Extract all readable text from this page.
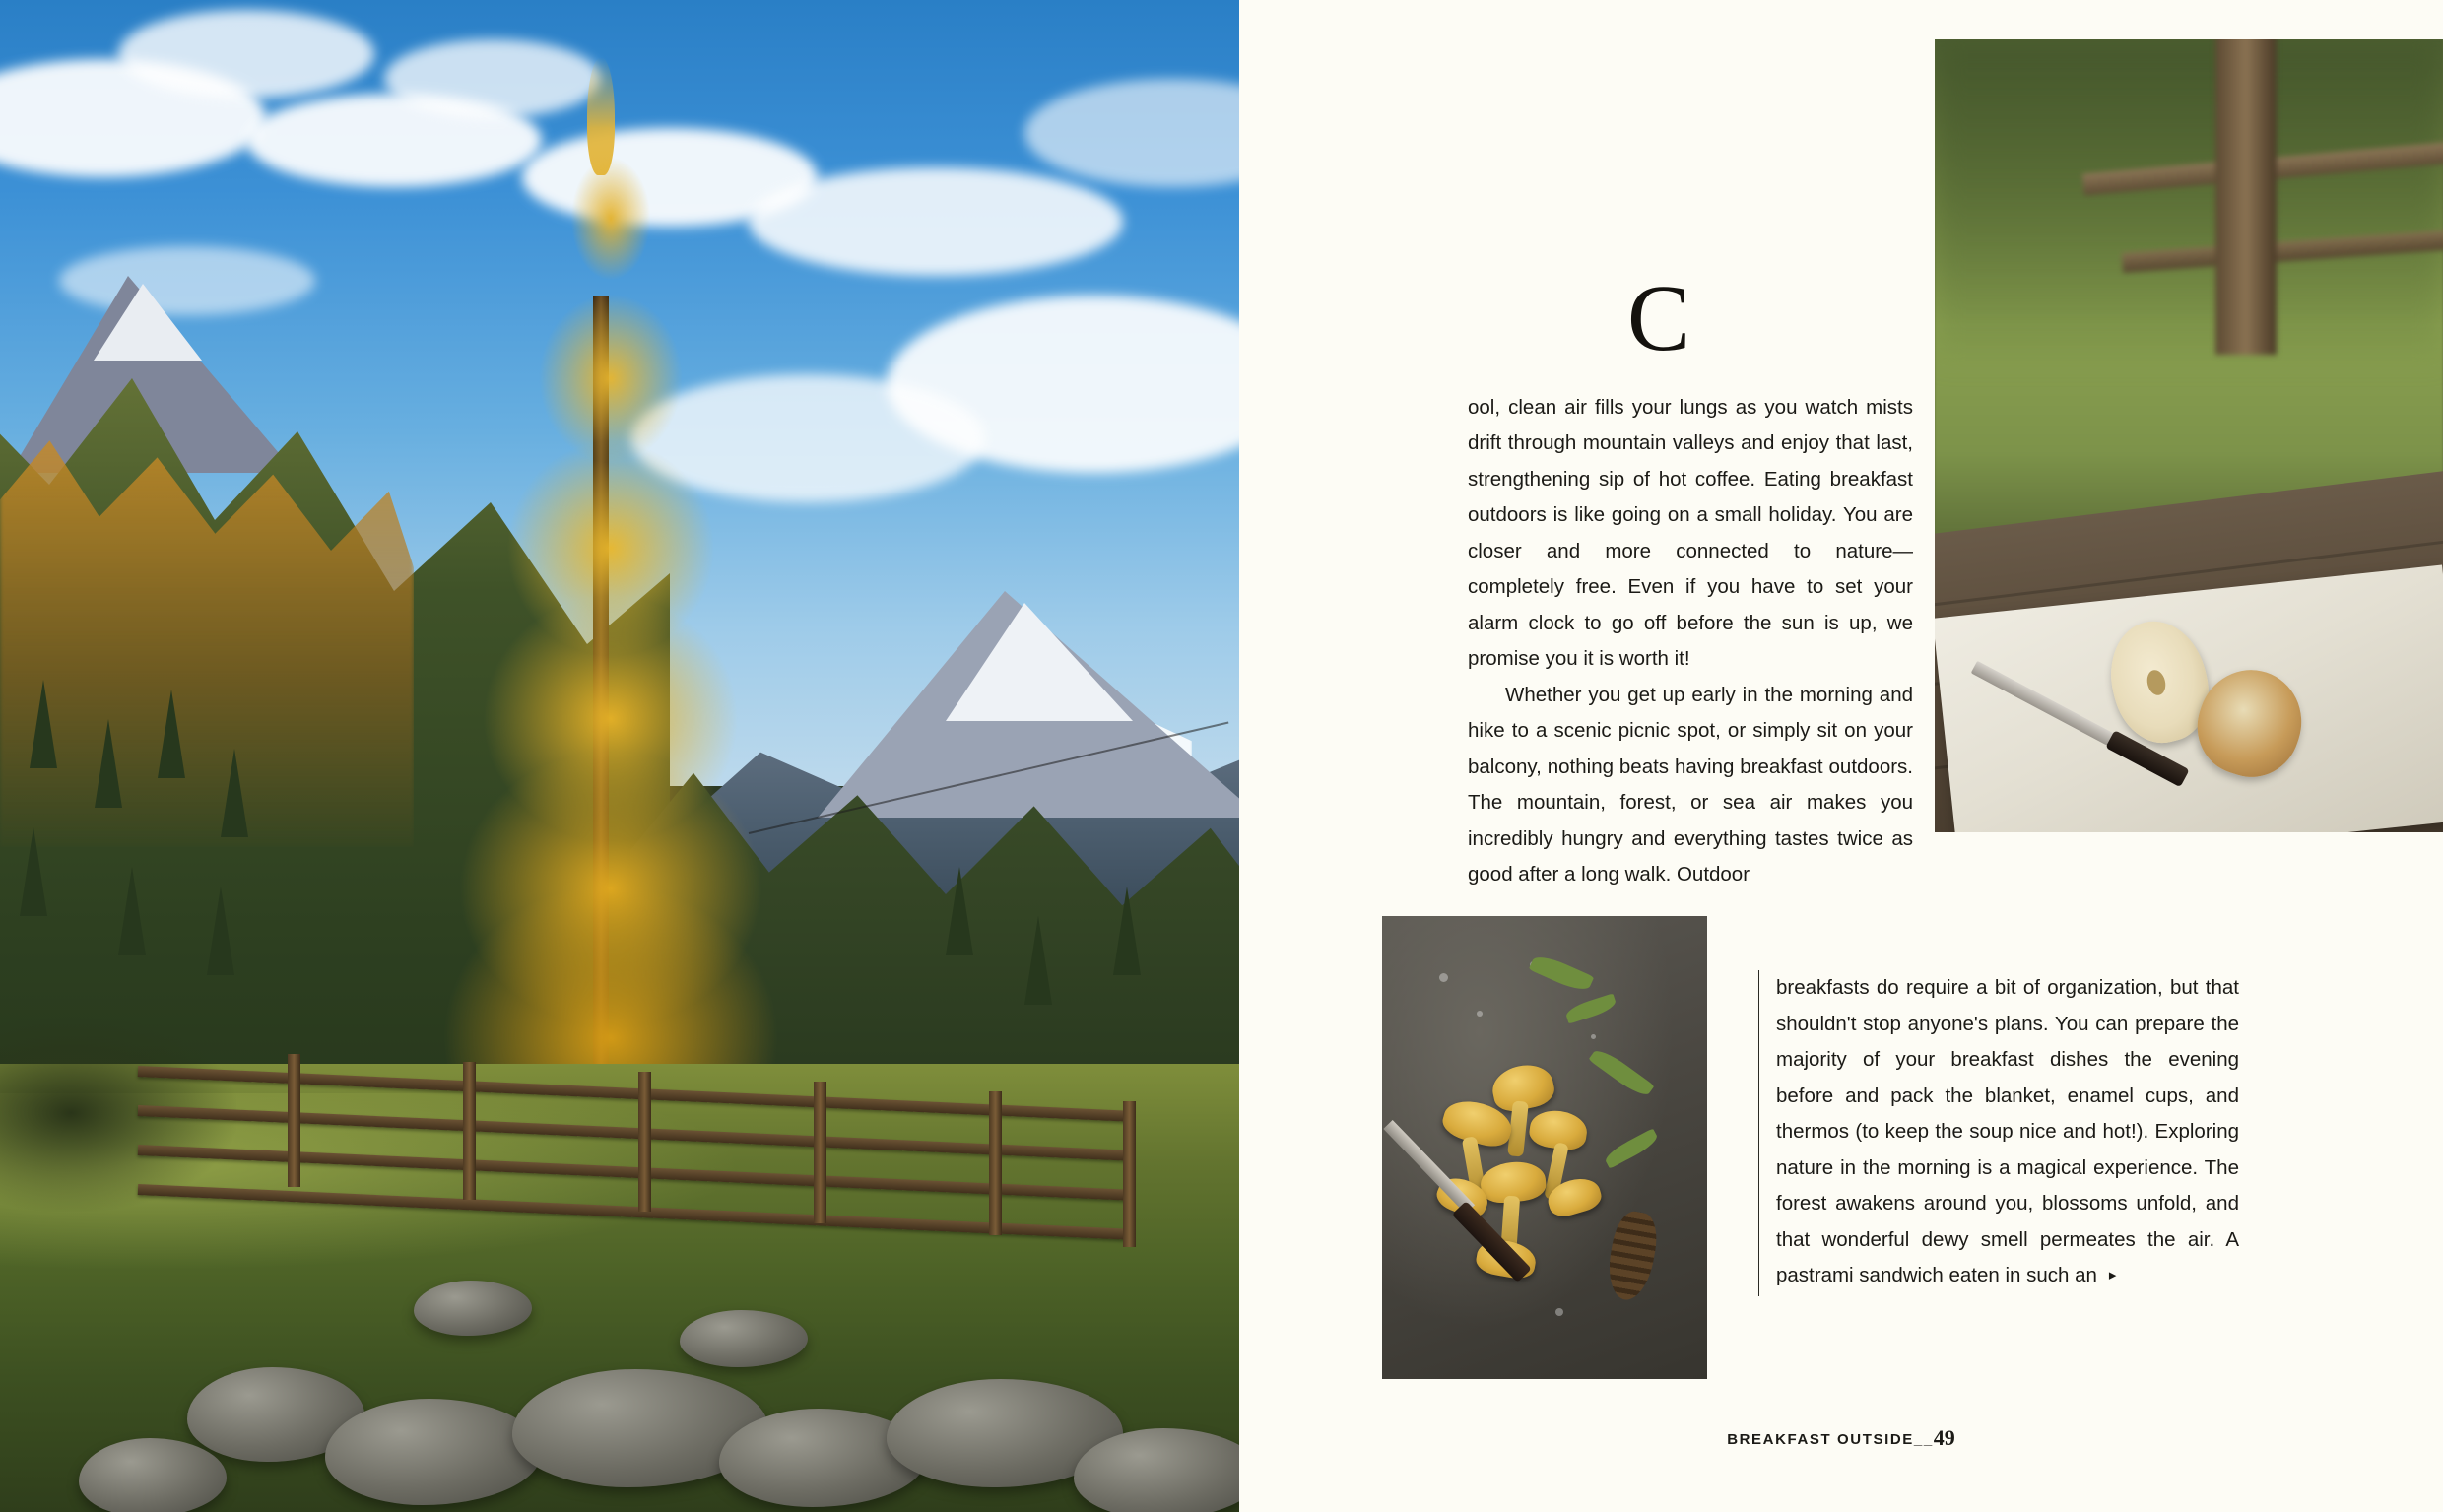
C

ool, clean air fills your lungs as you watch mists drift through mountain valleys and enjoy that last, strengthening sip of hot coffee. Eating breakfast outdoors is like going on a small holiday. You are closer and more connected to nature—completely free. Even if you have to set your alarm clock to go off before the sun is up, we promise you it is worth it!

Whether you get up early in the morning and hike to a scenic picnic spot, or simply sit on your balcony, nothing beats having breakfast outdoors. The mountain, forest, or sea air makes you incredibly hungry and everything tastes twice as good after a long walk. Outdoor

breakfasts do require a bit of organization, but that shouldn't stop anyone's plans. You can prepare the majority of your breakfast dishes the evening before and pack the blanket, enamel cups, and thermos (to keep the soup nice and hot!). Exploring nature in the morning is a magical experience. The forest awakens around you, blossoms unfold, and that wonderful dewy smell permeates the air. A pastrami sandwich eaten in such an ▸

BREAKFAST OUTSIDE__49
